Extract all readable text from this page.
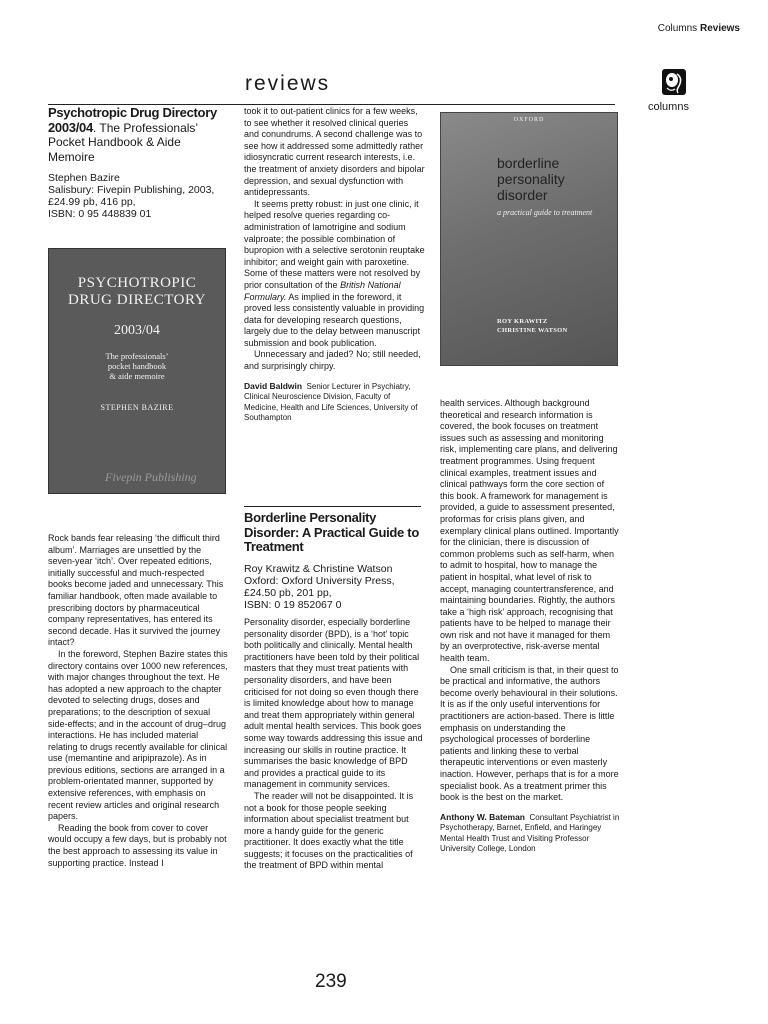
Columns Reviews
reviews
columns

Psychotropic Drug Directory 2003/04. The Professionals’ Pocket Handbook & Aide Memoire

Stephen Bazire
Salisbury: Fivepin Publishing, 2003,
£24.99 pb, 416 pp,
ISBN: 0 95 448839 01
PSYCHOTROPIC
DRUG DIRECTORY
2003/04
The professionals’
pocket handbook
& aide memoire
STEPHEN BAZIRE
Fivepin Publishing

Rock bands fear releasing ‘the difficult third album’. Marriages are unsettled by the seven-year ‘itch’. Over repeated editions, initially successful and much-respected books become jaded and unnecessary. This familiar handbook, often made available to prescribing doctors by pharmaceutical company representatives, has entered its second decade. Has it survived the journey intact?

In the foreword, Stephen Bazire states this directory contains over 1000 new references, with major changes throughout the text. He has adopted a new approach to the chapter devoted to selecting drugs, doses and preparations; to the description of sexual side-effects; and in the account of drug–drug interactions. He has included material relating to drugs recently available for clinical use (memantine and aripiprazole). As in previous editions, sections are arranged in a problem-orientated manner, supported by extensive references, with emphasis on recent review articles and original research papers.

Reading the book from cover to cover would occupy a few days, but is probably not the best approach to assessing its value in supporting practice. Instead I

took it to out-patient clinics for a few weeks, to see whether it resolved clinical queries and conundrums. A second challenge was to see how it addressed some admittedly rather idiosyncratic current research interests, i.e. the treatment of anxiety disorders and bipolar depression, and sexual dysfunction with antidepressants.

It seems pretty robust: in just one clinic, it helped resolve queries regarding co-administration of lamotrigine and sodium valproate; the possible combination of bupropion with a selective serotonin reuptake inhibitor; and weight gain with paroxetine. Some of these matters were not resolved by prior consultation of the British National Formulary. As implied in the foreword, it proved less consistently valuable in providing data for developing research questions, largely due to the delay between manuscript submission and book publication.

Unnecessary and jaded? No; still needed, and surprisingly chirpy.

David Baldwin Senior Lecturer in Psychiatry, Clinical Neuroscience Division, Faculty of Medicine, Health and Life Sciences, University of Southampton

Borderline Personality Disorder: A Practical Guide to Treatment

Roy Krawitz & Christine Watson
Oxford: Oxford University Press,
£24.50 pb, 201 pp,
ISBN: 0 19 852067 0

Personality disorder, especially borderline personality disorder (BPD), is a ‘hot’ topic both politically and clinically. Mental health practitioners have been told by their political masters that they must treat patients with personality disorders, and have been criticised for not doing so even though there is limited knowledge about how to manage and treat them appropriately within general adult mental health services. This book goes some way towards addressing this issue and increasing our skills in routine practice. It summarises the basic knowledge of BPD and provides a practical guide to its management in community services.

The reader will not be disappointed. It is not a book for those people seeking information about specialist treatment but more a handy guide for the generic practitioner. It does exactly what the title suggests; it focuses on the practicalities of the treatment of BPD within mental

OXFORD
borderline
personality
disorder
a practical guide to treatment
ROY KRAWITZ
CHRISTINE WATSON

health services. Although background theoretical and research information is covered, the book focuses on treatment issues such as assessing and monitoring risk, implementing care plans, and delivering treatment programmes. Using frequent clinical examples, treatment issues and clinical pathways form the core section of this book. A framework for management is provided, a guide to assessment presented, proformas for crisis plans given, and exemplary clinical plans outlined. Importantly for the clinician, there is discussion of common problems such as self-harm, when to admit to hospital, how to manage the patient in hospital, what level of risk to accept, managing countertransference, and maintaining boundaries. Rightly, the authors take a ‘high risk’ approach, recognising that patients have to be helped to manage their own risk and not have it managed for them by an overprotective, risk-averse mental health team.

One small criticism is that, in their quest to be practical and informative, the authors become overly behavioural in their solutions. It is as if the only useful interventions for practitioners are action-based. There is little emphasis on understanding the psychological processes of borderline patients and linking these to verbal therapeutic interventions or even masterly inaction. However, perhaps that is for a more specialist book. As a treatment primer this book is the best on the market.

Anthony W. Bateman Consultant Psychiatrist in Psychotherapy, Barnet, Enfield, and Haringey Mental Health Trust and Visiting Professor University College, London
239
